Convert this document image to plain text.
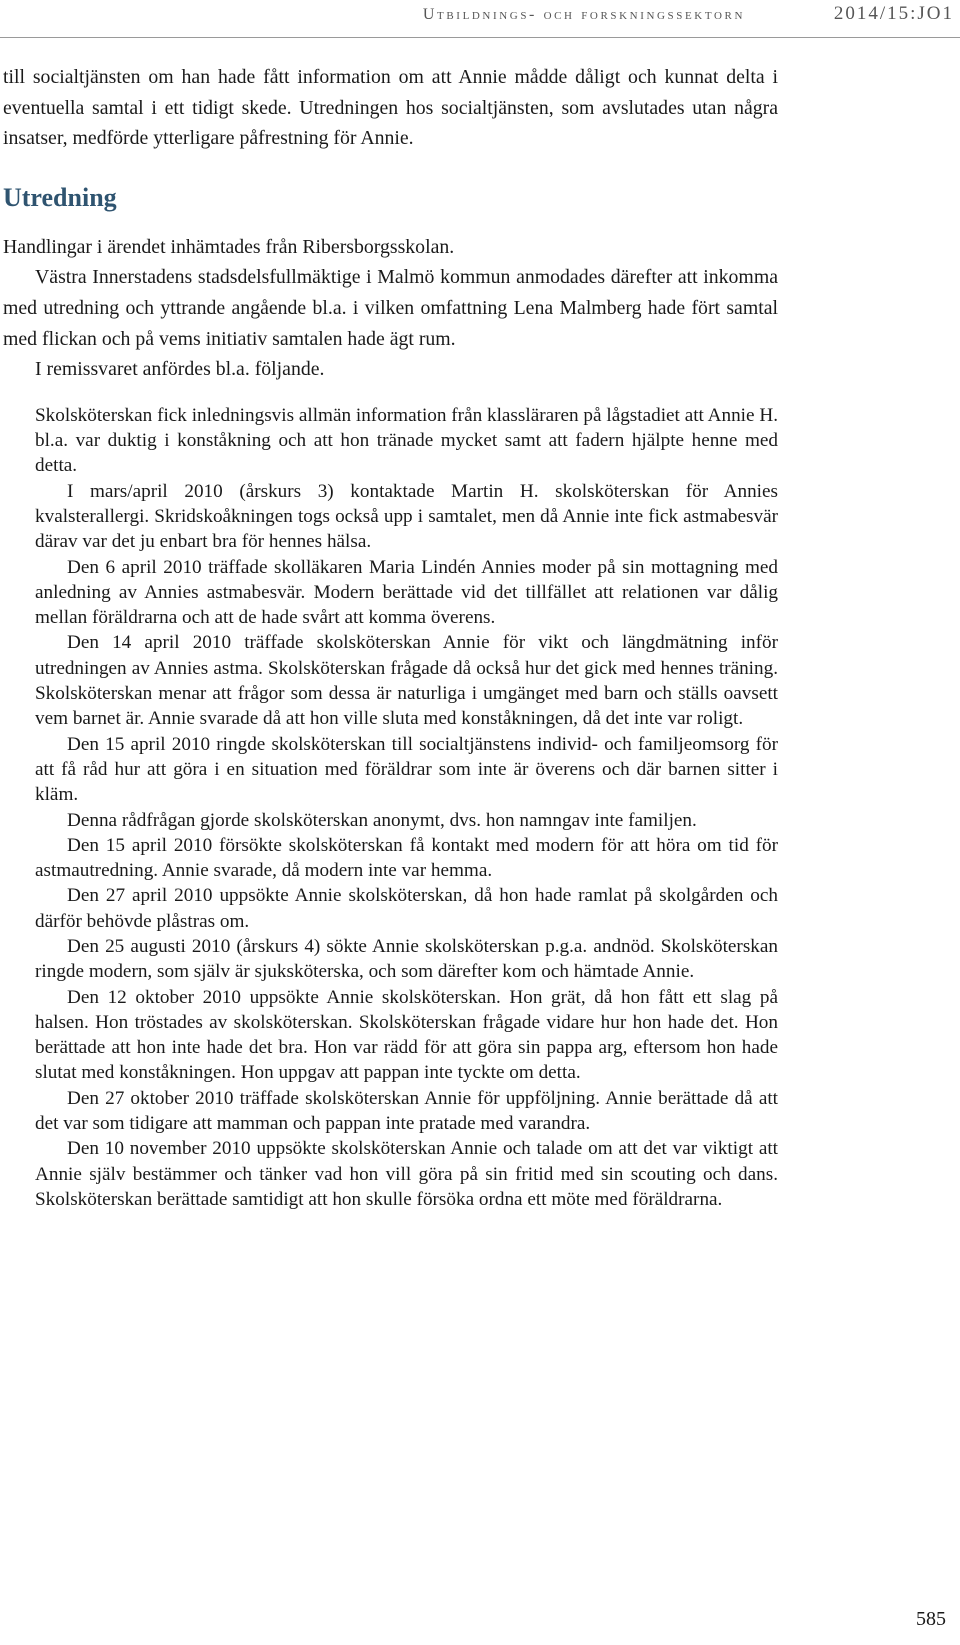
Utbildnings- och forskningssektorn	2014/15:JO1

till socialtjänsten om han hade fått information om att Annie mådde dåligt och kunnat delta i eventuella samtal i ett tidigt skede. Utredningen hos socialtjänsten, som avslutades utan några insatser, medförde ytterligare påfrestning för Annie.

Utredning

Handlingar i ärendet inhämtades från Ribersborgsskolan.

Västra Innerstadens stadsdelsfullmäktige i Malmö kommun anmodades därefter att inkomma med utredning och yttrande angående bl.a. i vilken omfattning Lena Malmberg hade fört samtal med flickan och på vems initiativ samtalen hade ägt rum.

I remissvaret anfördes bl.a. följande.

Skolsköterskan fick inledningsvis allmän information från klassläraren på lågstadiet att Annie H. bl.a. var duktig i konståkning och att hon tränade mycket samt att fadern hjälpte henne med detta.

I mars/april 2010 (årskurs 3) kontaktade Martin H. skolsköterskan för Annies kvalsterallergi. Skridskoåkningen togs också upp i samtalet, men då Annie inte fick astmabesvär därav var det ju enbart bra för hennes hälsa.

Den 6 april 2010 träffade skolläkaren Maria Lindén Annies moder på sin mottagning med anledning av Annies astmabesvär. Modern berättade vid det tillfället att relationen var dålig mellan föräldrarna och att de hade svårt att komma överens.

Den 14 april 2010 träffade skolsköterskan Annie för vikt och längdmätning inför utredningen av Annies astma. Skolsköterskan frågade då också hur det gick med hennes träning. Skolsköterskan menar att frågor som dessa är naturliga i umgänget med barn och ställs oavsett vem barnet är. Annie svarade då att hon ville sluta med konståkningen, då det inte var roligt.

Den 15 april 2010 ringde skolsköterskan till socialtjänstens individ- och familjeomsorg för att få råd hur att göra i en situation med föräldrar som inte är överens och där barnen sitter i kläm.

Denna rådfrågan gjorde skolsköterskan anonymt, dvs. hon namngav inte familjen.

Den 15 april 2010 försökte skolsköterskan få kontakt med modern för att höra om tid för astmautredning. Annie svarade, då modern inte var hemma.

Den 27 april 2010 uppsökte Annie skolsköterskan, då hon hade ramlat på skolgården och därför behövde plåstras om.

Den 25 augusti 2010 (årskurs 4) sökte Annie skolsköterskan p.g.a. andnöd. Skolsköterskan ringde modern, som själv är sjuksköterska, och som därefter kom och hämtade Annie.

Den 12 oktober 2010 uppsökte Annie skolsköterskan. Hon grät, då hon fått ett slag på halsen. Hon tröstades av skolsköterskan. Skolsköterskan frågade vidare hur hon hade det. Hon berättade att hon inte hade det bra. Hon var rädd för att göra sin pappa arg, eftersom hon hade slutat med konståkningen. Hon uppgav att pappan inte tyckte om detta.

Den 27 oktober 2010 träffade skolsköterskan Annie för uppföljning. Annie berättade då att det var som tidigare att mamman och pappan inte pratade med varandra.

Den 10 november 2010 uppsökte skolsköterskan Annie och talade om att det var viktigt att Annie själv bestämmer och tänker vad hon vill göra på sin fritid med sin scouting och dans. Skolsköterskan berättade samtidigt att hon skulle försöka ordna ett möte med föräldrarna.

585
